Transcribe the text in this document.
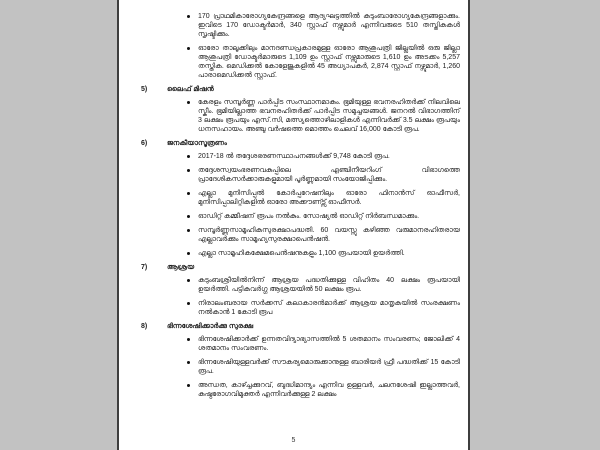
170 പ്രാഥമികാരോഗ്യകേന്ദ്രങ്ങളെ ആദ്യഘട്ടത്തിൽ കുടുംബാരോഗ്യകേന്ദ്രങ്ങളാക്കും. ഇവിടെ 170 ഡോക്ടർമാർ, 340 സ്റ്റാഫ് നഴ്സുമാർ എന്നിവരുടെ 510 തസ്തികകൾ സൃഷ്ടിക്കും.
ഓരോ താലൂക്കിലും മാനദണ്ഡപ്രകാരമുള്ള ഓരോ ആശുപത്രി ജില്ലയിൽ ഒരു ജില്ലാ ആശുപത്രി ഡോക്ടർമാരുടെ 1,109 ഉം സ്റ്റാഫ് നഴ്സുമാരുടെ 1,610 ഉം അടക്കം 5,257 തസ്തിക. മെഡിക്കൽ കോളേജുകളിൽ 45 അധ്യാപകർ, 2,874 സ്റ്റാഫ് നഴ്സുമാർ, 1,260 പാരാമെഡിക്കൽ സ്റ്റാഫ്.
5)	ലൈഫ് മിഷൻ
കേരളം സമ്പൂർണ്ണ പാർപ്പിട സംസ്ഥാനമാകും. ഭൂമിയുള്ള ഭവനരഹിതർക്ക് നിലവിലെ സ്കീം. ഭൂമിയില്ലാത്ത ഭവനരഹിതർക്ക് പാർപ്പിട സമുച്ചയങ്ങൾ. ജനറൽ വിഭാഗത്തിന് 3 ലക്ഷം രൂപയും എസ്.സി, മത്സ്യത്തൊഴിലാളികൾ എന്നിവർക്ക് 3.5 ലക്ഷം രൂപയും ധനസഹായം. അഞ്ചു വർഷത്തെ മൊത്തം ചെലവ് 16,000 കോടി രൂപ.
6)	ജനകീയാസൂത്രണം
2017-18 ൽ തദ്ദേശഭരണസ്ഥാപനങ്ങൾക്ക് 9,748 കോടി രൂപ.
തദ്ദേശസ്വയംഭരണവകുപ്പിലെ എഞ്ചിനീയറിംഗ് വിഭാഗത്തെ പ്രാദേശികസർക്കാരുകളുമായി പൂർണ്ണമായി സംയോജിപ്പിക്കും.
എല്ലാ മുനിസിപ്പൽ കോർപ്പറേഷനിലും ഓരോ ഫിനാൻസ് ഓഫീസർ, മുനിസിപ്പാലിറ്റികളിൽ ഓരോ അക്കൗണ്ട്സ് ഓഫീസർ.
ഓഡിറ്റ് കമ്മീഷന് രൂപം നൽകും. സോഷ്യൽ ഓഡിറ്റ് നിർബന്ധമാക്കും.
സമ്പൂർണ്ണസാമൂഹികസുരക്ഷാപദ്ധതി. 60 വയസ്സു കഴിഞ്ഞ വരുമാനരഹിതരായ എല്ലാവർക്കും സാമൂഹ്യസുരക്ഷാപെൻഷൻ.
എല്ലാ സാമൂഹികക്ഷേമപെൻഷനുകളും 1,100 രൂപയായി ഉയർത്തി.
7)	ആശ്രയ
കുടുംബശ്രീയിൽനിന്ന് ആശ്രയ പദ്ധതിക്കുള്ള വിഹിതം 40 ലക്ഷം രൂപയായി ഉയർത്തി. പട്ടികവർഗ്ഗ ആശ്രയയിൽ 50 ലക്ഷം രൂപ.
നിരാലംബരായ സർക്കസ് കലാകാരൻമാർക്ക് ആശ്രയ മാതൃകയിൽ സംരക്ഷണം നൽകാൻ 1 കോടി രൂപ
8)	ഭിന്നശേഷിക്കാർക്കു സുരക്ഷ
ഭിന്നശേഷിക്കാർക്ക് ഉന്നതവിദ്യാഭ്യാസത്തിൽ 5 ശതമാനം സംവരണം; ജോലിക്ക് 4 ശതമാനം സംവരണം.
ഭിന്നശേഷിയുള്ളവർക്ക് സൗകര്യമൊരുക്കാനുള്ള ബാരിയർ ഫ്രീ പദ്ധതിക്ക് 15 കോടി രൂപ.
അന്ധത, കാഴ്ച്ചക്കുറവ്, ബുദ്ധിമാന്ദ്യം എന്നിവ ഉള്ളവർ, ചലനശേഷി ഇല്ലാത്തവർ, കുഷ്ഠരോഗവിമുക്തർ എന്നിവർക്കുള്ള 2 ലക്ഷം
5
